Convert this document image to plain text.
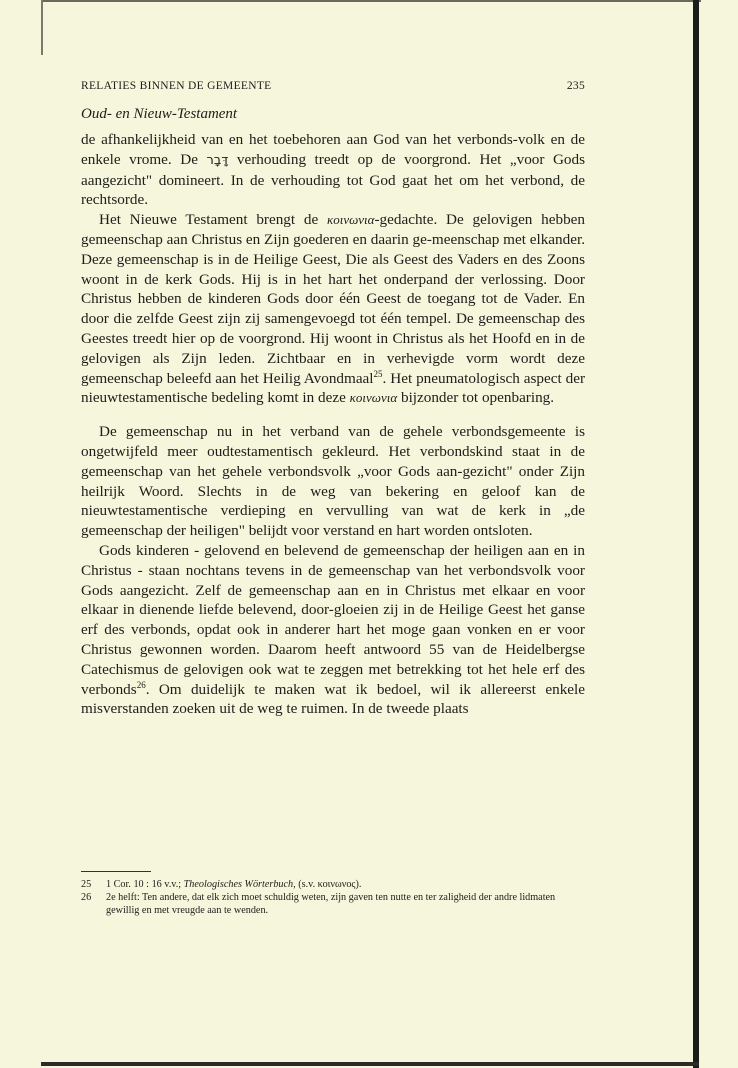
RELATIES BINNEN DE GEMEENTE	235
Oud- en Nieuw-Testament

de afhankelijkheid van en het toebehoren aan God van het verbonds-volk en de enkele vrome. De דָּבָר verhouding treedt op de voorgrond. Het „voor Gods aangezicht" domineert. In de verhouding tot God gaat het om het verbond, de rechtsorde.

Het Nieuwe Testament brengt de κοινωνια-gedachte. De gelovigen hebben gemeenschap aan Christus en Zijn goederen en daarin ge-meenschap met elkander. Deze gemeenschap is in de Heilige Geest, Die als Geest des Vaders en des Zoons woont in de kerk Gods. Hij is in het hart het onderpand der verlossing. Door Christus hebben de kinderen Gods door één Geest de toegang tot de Vader. En door die zelfde Geest zijn zij samengevoegd tot één tempel. De gemeenschap des Geestes treedt hier op de voorgrond. Hij woont in Christus als het Hoofd en in de gelovigen als Zijn leden. Zichtbaar en in verhevigde vorm wordt deze gemeenschap beleefd aan het Heilig Avondmaal$^{25}$. Het pneumatologisch aspect der nieuwtestamentische bedeling komt in deze κοινωνια bijzonder tot openbaring.

De gemeenschap nu in het verband van de gehele verbondsgemeente is ongetwijfeld meer oudtestamentisch gekleurd. Het verbondskind staat in de gemeenschap van het gehele verbondsvolk „voor Gods aan-gezicht" onder Zijn heilrijk Woord. Slechts in de weg van bekering en geloof kan de nieuwtestamentische verdieping en vervulling van wat de kerk in „de gemeenschap der heiligen" belijdt voor verstand en hart worden ontsloten.

Gods kinderen - gelovend en belevend de gemeenschap der heiligen aan en in Christus - staan nochtans tevens in de gemeenschap van het verbondsvolk voor Gods aangezicht. Zelf de gemeenschap aan en in Christus met elkaar en voor elkaar in dienende liefde belevend, door-gloeien zij in de Heilige Geest het ganse erf des verbonds, opdat ook in anderer hart het moge gaan vonken en er voor Christus gewonnen worden. Daarom heeft antwoord 55 van de Heidelbergse Catechismus de gelovigen ook wat te zeggen met betrekking tot het hele erf des verbonds$^{26}$. Om duidelijk te maken wat ik bedoel, wil ik allereerst enkele misverstanden zoeken uit de weg te ruimen. In de tweede plaats

25	1 Cor. 10 : 16 v.v.; Theologisches Wörterbuch, (s.v. κοινωνος).
26	2e helft: Ten andere, dat elk zich moet schuldig weten, zijn gaven ten nutte en ter zaligheid der andre lidmaten gewillig en met vreugde aan te wenden.
